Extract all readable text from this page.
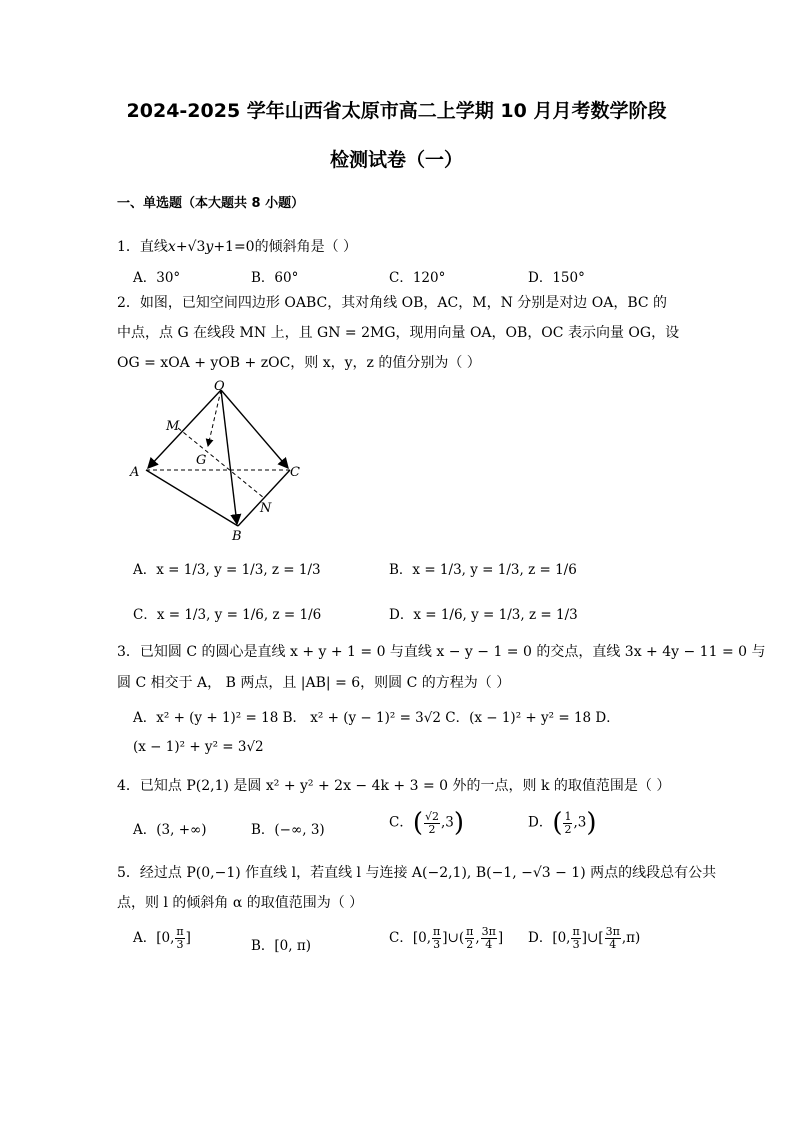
2024-2025 学年山西省太原市高二上学期 10 月月考数学阶段
检测试卷（一）
一、单选题（本大题共 8 小题）
1．直线x+√3y+1=0的倾斜角是（ ）
A．30°	B．60°	C．120°	D．150°
2．如图，已知空间四边形 OABC，其对角线 OB，AC，M，N 分别是对边 OA，BC 的
中点，点 G 在线段 MN 上，且 GN = 2MG，现用向量 OA，OB，OC 表示向量 OG，设
OG = xOA + yOB + zOC，则 x，y，z 的值分别为（ ）
O
M
G
A	C
N
B
A．x = 1/3, y = 1/3, z = 1/3	B．x = 1/3, y = 1/3, z = 1/6
C．x = 1/3, y = 1/6, z = 1/6	D．x = 1/6, y = 1/3, z = 1/3
3．已知圆 C 的圆心是直线 x + y + 1 = 0 与直线 x − y − 1 = 0 的交点，直线 3x + 4y − 11 = 0 与
圆 C 相交于 A， B 两点，且 |AB| = 6，则圆 C 的方程为（ ）
A．x² + (y + 1)² = 18 B． x² + (y − 1)² = 3√2 C．(x − 1)² + y² = 18 D．
(x − 1)² + y² = 3√2
4．已知点 P(2,1) 是圆 x² + y² + 2x − 4k + 3 = 0 外的一点，则 k 的取值范围是（ ）
A．(3, +∞)	B．(−∞, 3)	C．( $\frac{√2}{2} ,3$)	D．( $\frac{1}{2} ,3$)
5．经过点 P(0,−1) 作直线 l，若直线 l 与连接 A(−2,1), B(−1, −√3 − 1) 两点的线段总有公共
点，则 l 的倾斜角 α 的取值范围为（ ）
A．[0, $\frac{\pi}{3}$ ]	B．[0, π)	C．[0, $\frac{\pi}{3}$ ]∪( $\frac{\pi}{2}$ , $\frac{3\pi}{4}$ ] D．[0, $\frac{\pi}{3}$ ]∪[ $\frac{3\pi}{4} ,\pi$)
